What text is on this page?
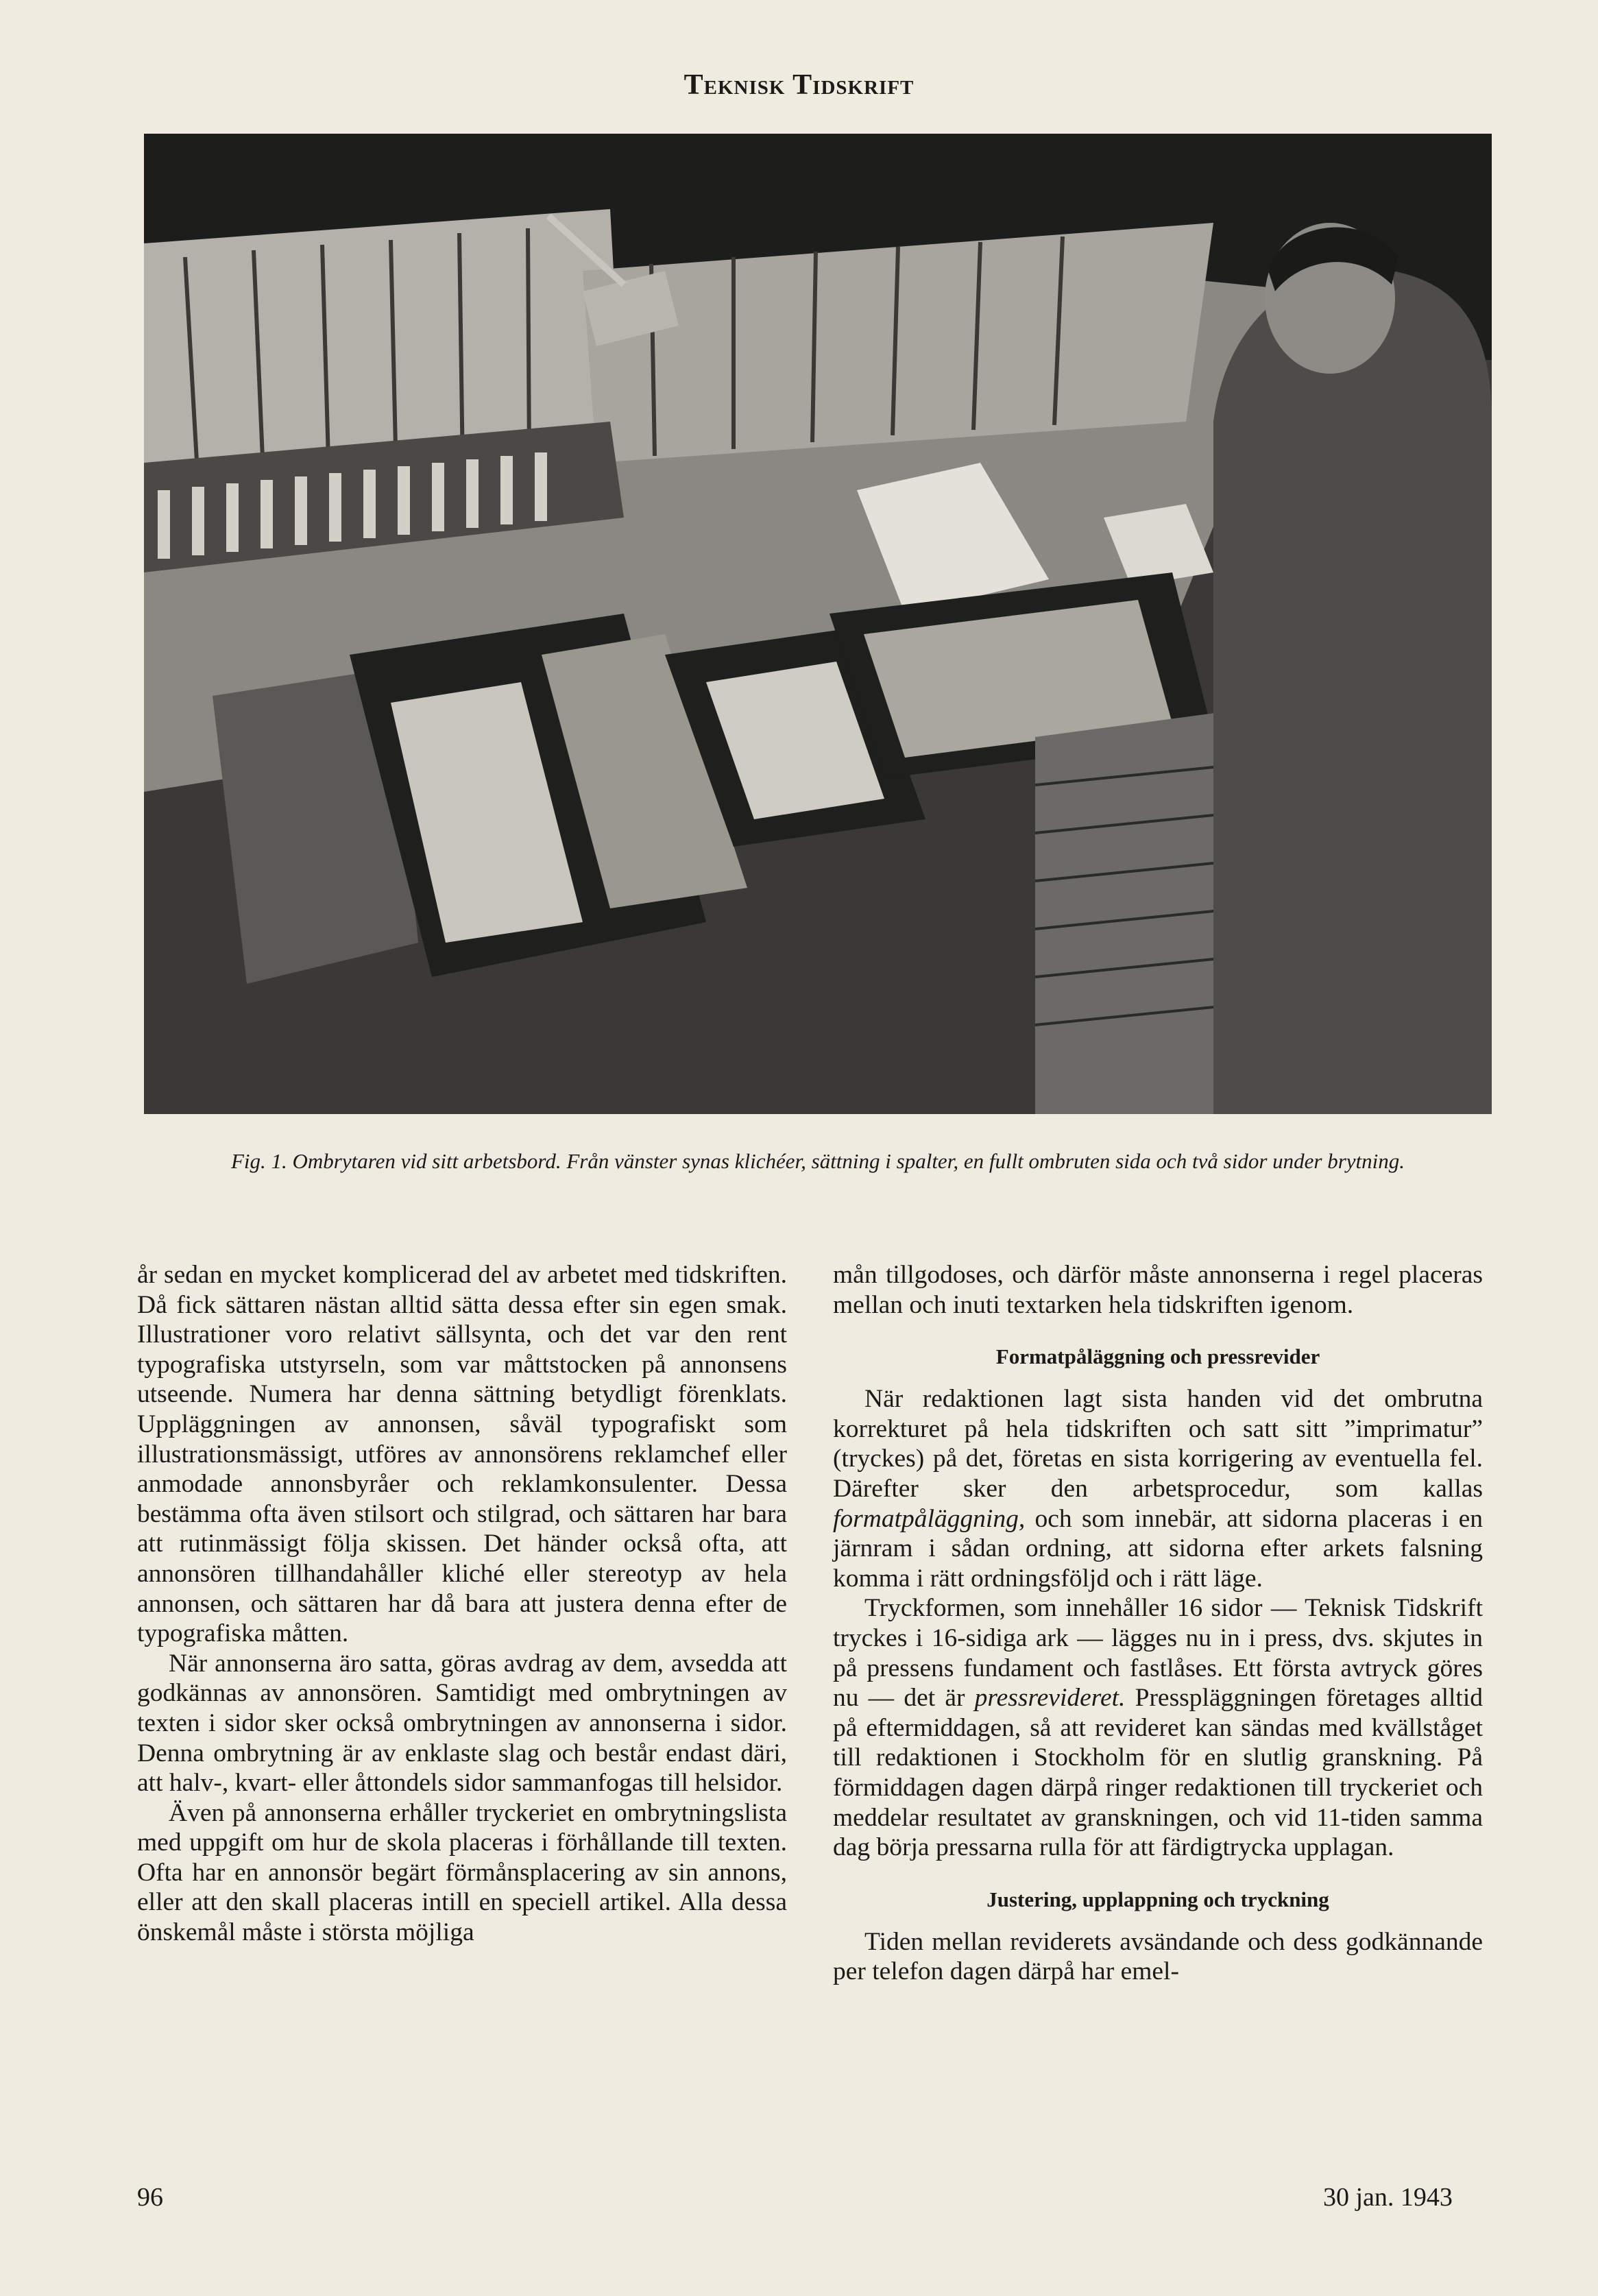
Teknisk Tidskrift
Fig. 1. Ombrytaren vid sitt arbetsbord. Från vänster synas klichéer, sättning i spalter, en fullt ombruten sida och två sidor under brytning.

år sedan en mycket komplicerad del av arbetet med tidskriften. Då fick sättaren nästan alltid sätta dessa efter sin egen smak. Illustrationer voro relativt sällsynta, och det var den rent typografiska utstyrseln, som var måttstocken på annonsens utseende. Numera har denna sättning betydligt förenklats. Uppläggningen av annonsen, såväl typografiskt som illustrationsmässigt, utföres av annonsörens reklamchef eller anmodade annonsbyråer och reklamkonsulenter. Dessa bestämma ofta även stilsort och stilgrad, och sättaren har bara att rutinmässigt följa skissen. Det händer också ofta, att annonsören tillhandahåller kliché eller stereotyp av hela annonsen, och sättaren har då bara att justera denna efter de typografiska måtten.

När annonserna äro satta, göras avdrag av dem, avsedda att godkännas av annonsören. Samtidigt med ombrytningen av texten i sidor sker också ombrytningen av annonserna i sidor. Denna ombrytning är av enklaste slag och består endast däri, att halv-, kvart- eller åttondels sidor sammanfogas till helsidor.

Även på annonserna erhåller tryckeriet en ombrytningslista med uppgift om hur de skola placeras i förhållande till texten. Ofta har en annonsör begärt förmånsplacering av sin annons, eller att den skall placeras intill en speciell artikel. Alla dessa önskemål måste i största möjliga

mån tillgodoses, och därför måste annonserna i regel placeras mellan och inuti textarken hela tidskriften igenom.

Formatpåläggning och pressrevider

När redaktionen lagt sista handen vid det ombrutna korrekturet på hela tidskriften och satt sitt ”imprimatur” (tryckes) på det, företas en sista korrigering av eventuella fel. Därefter sker den arbetsprocedur, som kallas formatpåläggning, och som innebär, att sidorna placeras i en järnram i sådan ordning, att sidorna efter arkets falsning komma i rätt ordningsföljd och i rätt läge.

Tryckformen, som innehåller 16 sidor — Teknisk Tidskrift tryckes i 16-sidiga ark — lägges nu in i press, dvs. skjutes in på pressens fundament och fastlåses. Ett första avtryck göres nu — det är pressrevideret. Presspläggningen företages alltid på eftermiddagen, så att revideret kan sändas med kvällståget till redaktionen i Stockholm för en slutlig granskning. På förmiddagen dagen därpå ringer redaktionen till tryckeriet och meddelar resultatet av granskningen, och vid 11-tiden samma dag börja pressarna rulla för att färdigtrycka upplagan.

Justering, upplappning och tryckning

Tiden mellan reviderets avsändande och dess godkännande per telefon dagen därpå har emel-

96	30 jan. 1943
